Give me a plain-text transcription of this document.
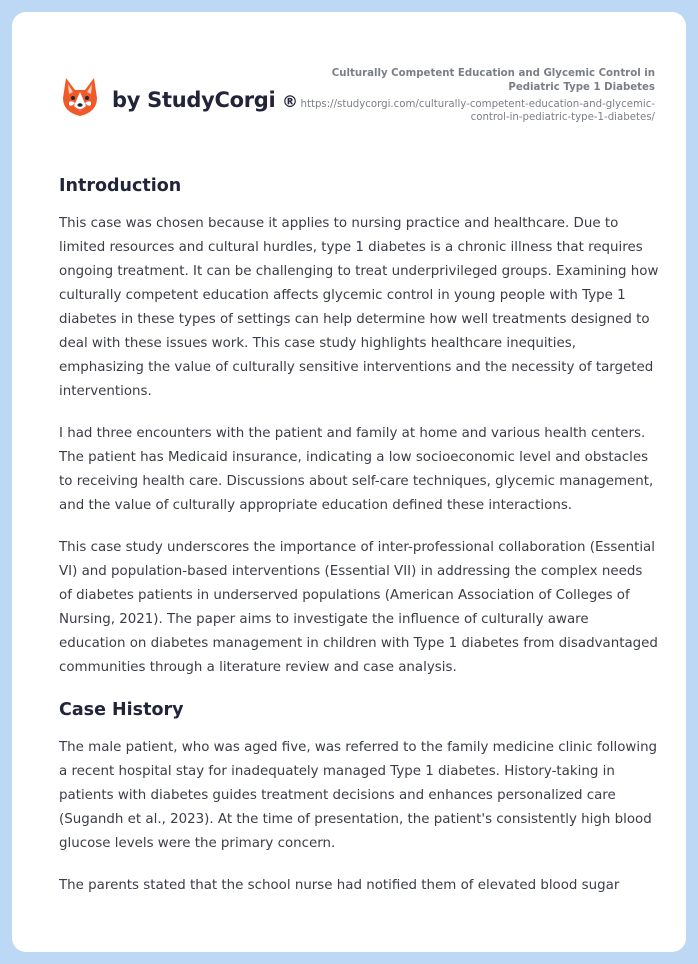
by StudyCorgi ®
Culturally Competent Education and Glycemic Control in Pediatric Type 1 Diabetes
https://studycorgi.com/culturally-competent-education-and-glycemic-control-in-pediatric-type-1-diabetes/
Introduction

This case was chosen because it applies to nursing practice and healthcare. Due to limited resources and cultural hurdles, type 1 diabetes is a chronic illness that requires ongoing treatment. It can be challenging to treat underprivileged groups. Examining how culturally competent education affects glycemic control in young people with Type 1 diabetes in these types of settings can help determine how well treatments designed to deal with these issues work. This case study highlights healthcare inequities, emphasizing the value of culturally sensitive interventions and the necessity of targeted interventions.

I had three encounters with the patient and family at home and various health centers. The patient has Medicaid insurance, indicating a low socioeconomic level and obstacles to receiving health care. Discussions about self-care techniques, glycemic management, and the value of culturally appropriate education defined these interactions.

This case study underscores the importance of inter-professional collaboration (Essential VI) and population-based interventions (Essential VII) in addressing the complex needs of diabetes patients in underserved populations (American Association of Colleges of Nursing, 2021). The paper aims to investigate the influence of culturally aware education on diabetes management in children with Type 1 diabetes from disadvantaged communities through a literature review and case analysis.

Case History

The male patient, who was aged five, was referred to the family medicine clinic following a recent hospital stay for inadequately managed Type 1 diabetes. History-taking in patients with diabetes guides treatment decisions and enhances personalized care (Sugandh et al., 2023). At the time of presentation, the patient's consistently high blood glucose levels were the primary concern.

The parents stated that the school nurse had notified them of elevated blood sugar
